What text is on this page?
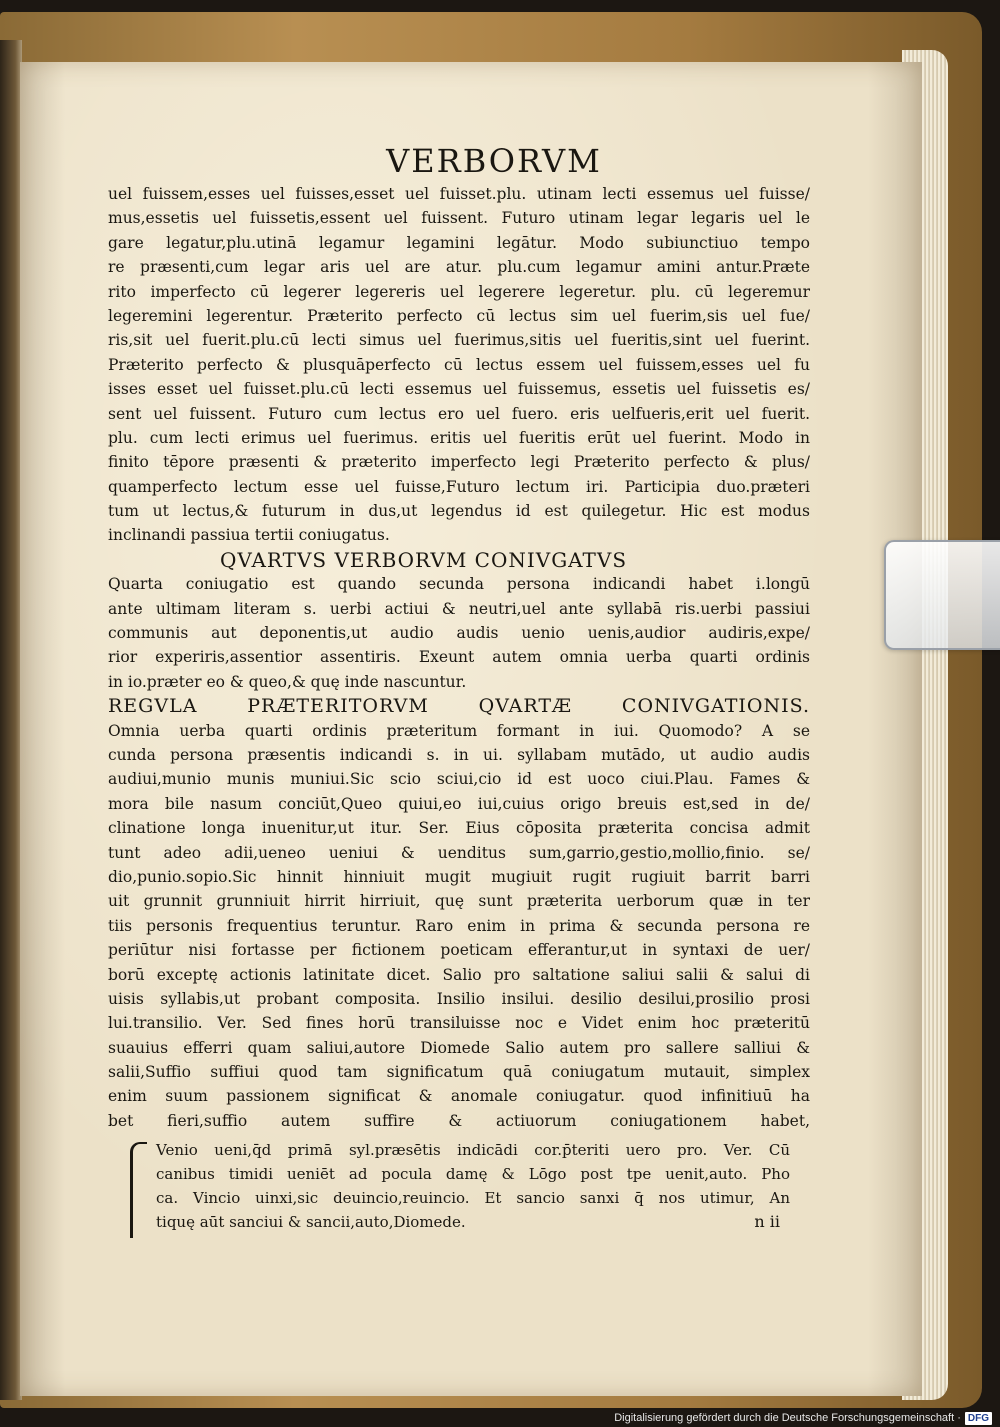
VERBORVM
uel fuissem,esses uel fuisses,esset uel fuisset.plu. utinam lecti essemus uel fuisse/
mus,essetis uel fuissetis,essent uel fuissent. Futuro utinam legar legaris uel le
gare legatur,plu.utinā legamur legamini legātur. Modo subiunctiuo tempo
re præsenti,cum legar aris uel are atur. plu.cum legamur amini antur.Præte
rito imperfecto cū legerer legereris uel legerere legeretur. plu. cū legeremur
legeremini legerentur. Præterito perfecto cū lectus sim uel fuerim,sis uel fue/
ris,sit uel fuerit.plu.cū lecti simus uel fuerimus,sitis uel fueritis,sint uel fuerint.
Præterito perfecto & plusquāperfecto cū lectus essem uel fuissem,esses uel fu
isses esset uel fuisset.plu.cū lecti essemus uel fuissemus, essetis uel fuissetis es/
sent uel fuissent. Futuro cum lectus ero uel fuero. eris uelfueris,erit uel fuerit.
plu. cum lecti erimus uel fuerimus. eritis uel fueritis erūt uel fuerint. Modo in
finito tēpore præsenti & præterito imperfecto legi Præterito perfecto & plus/
quamperfecto lectum esse uel fuisse,Futuro lectum iri. Participia duo.præteri
tum ut lectus,& futurum in dus,ut legendus id est quilegetur. Hic est modus
inclinandi passiua tertii coniugatus.
QVARTVS VERBORVM CONIVGATVS
Quarta coniugatio est quando secunda persona indicandi habet i.longū
ante ultimam literam s. uerbi actiui & neutri,uel ante syllabā ris.uerbi passiui
communis aut deponentis,ut audio audis uenio uenis,audior audiris,expe/
rior experiris,assentior assentiris. Exeunt autem omnia uerba quarti ordinis
in io.præter eo & queo,& quę inde nascuntur.
REGVLA PRÆTERITORVM QVARTÆ CONIVGATIONIS.
Omnia uerba quarti ordinis præteritum formant in iui. Quomodo? A se
cunda persona præsentis indicandi s. in ui. syllabam mutādo, ut audio audis
audiui,munio munis muniui.Sic scio sciui,cio id est uoco ciui.Plau. Fames &
mora bile nasum conciūt,Queo quiui,eo iui,cuius origo breuis est,sed in de/
clinatione longa inuenitur,ut itur. Ser. Eius cōposita præterita concisa admit
tunt adeo adii,ueneo ueniui & uenditus sum,garrio,gestio,mollio,finio. se/
dio,punio.sopio.Sic hinnit hinniuit mugit mugiuit rugit rugiuit barrit barri
uit grunnit grunniuit hirrit hirriuit, quę sunt præterita uerborum quæ in ter
tiis personis frequentius teruntur. Raro enim in prima & secunda persona re
periūtur nisi fortasse per fictionem poeticam efferantur,ut in syntaxi de uer/
borū exceptę actionis latinitate dicet. Salio pro saltatione saliui salii & salui di
uisis syllabis,ut probant composita. Insilio insilui. desilio desilui,prosilio prosi
lui.transilio. Ver. Sed fines horū transiluisse noc e Videt enim hoc præteritū
suauius efferri quam saliui,autore Diomede Salio autem pro sallere salliui &
salii,Suffio suffiui quod tam significatum quā coniugatum mutauit, simplex
enim suum passionem significat & anomale coniugatur. quod infinitiuū ha
bet fieri,suffio autem suffire & actiuorum coniugationem habet,
Venio ueni,q̄d primā syl.præsētis indicādi cor.p̄teriti uero pro. Ver. Cū
canibus timidi ueniēt ad pocula damę & Lōgo post tpe uenit,auto. Pho
ca. Vincio uinxi,sic deuincio,reuincio. Et sancio sanxi q̄ nos utimur, An
tiquę aūt sanciui & sancii,auto,Diomede.	n ii
Digitalisierung gefördert durch die Deutsche Forschungsgemeinschaft · DFG
